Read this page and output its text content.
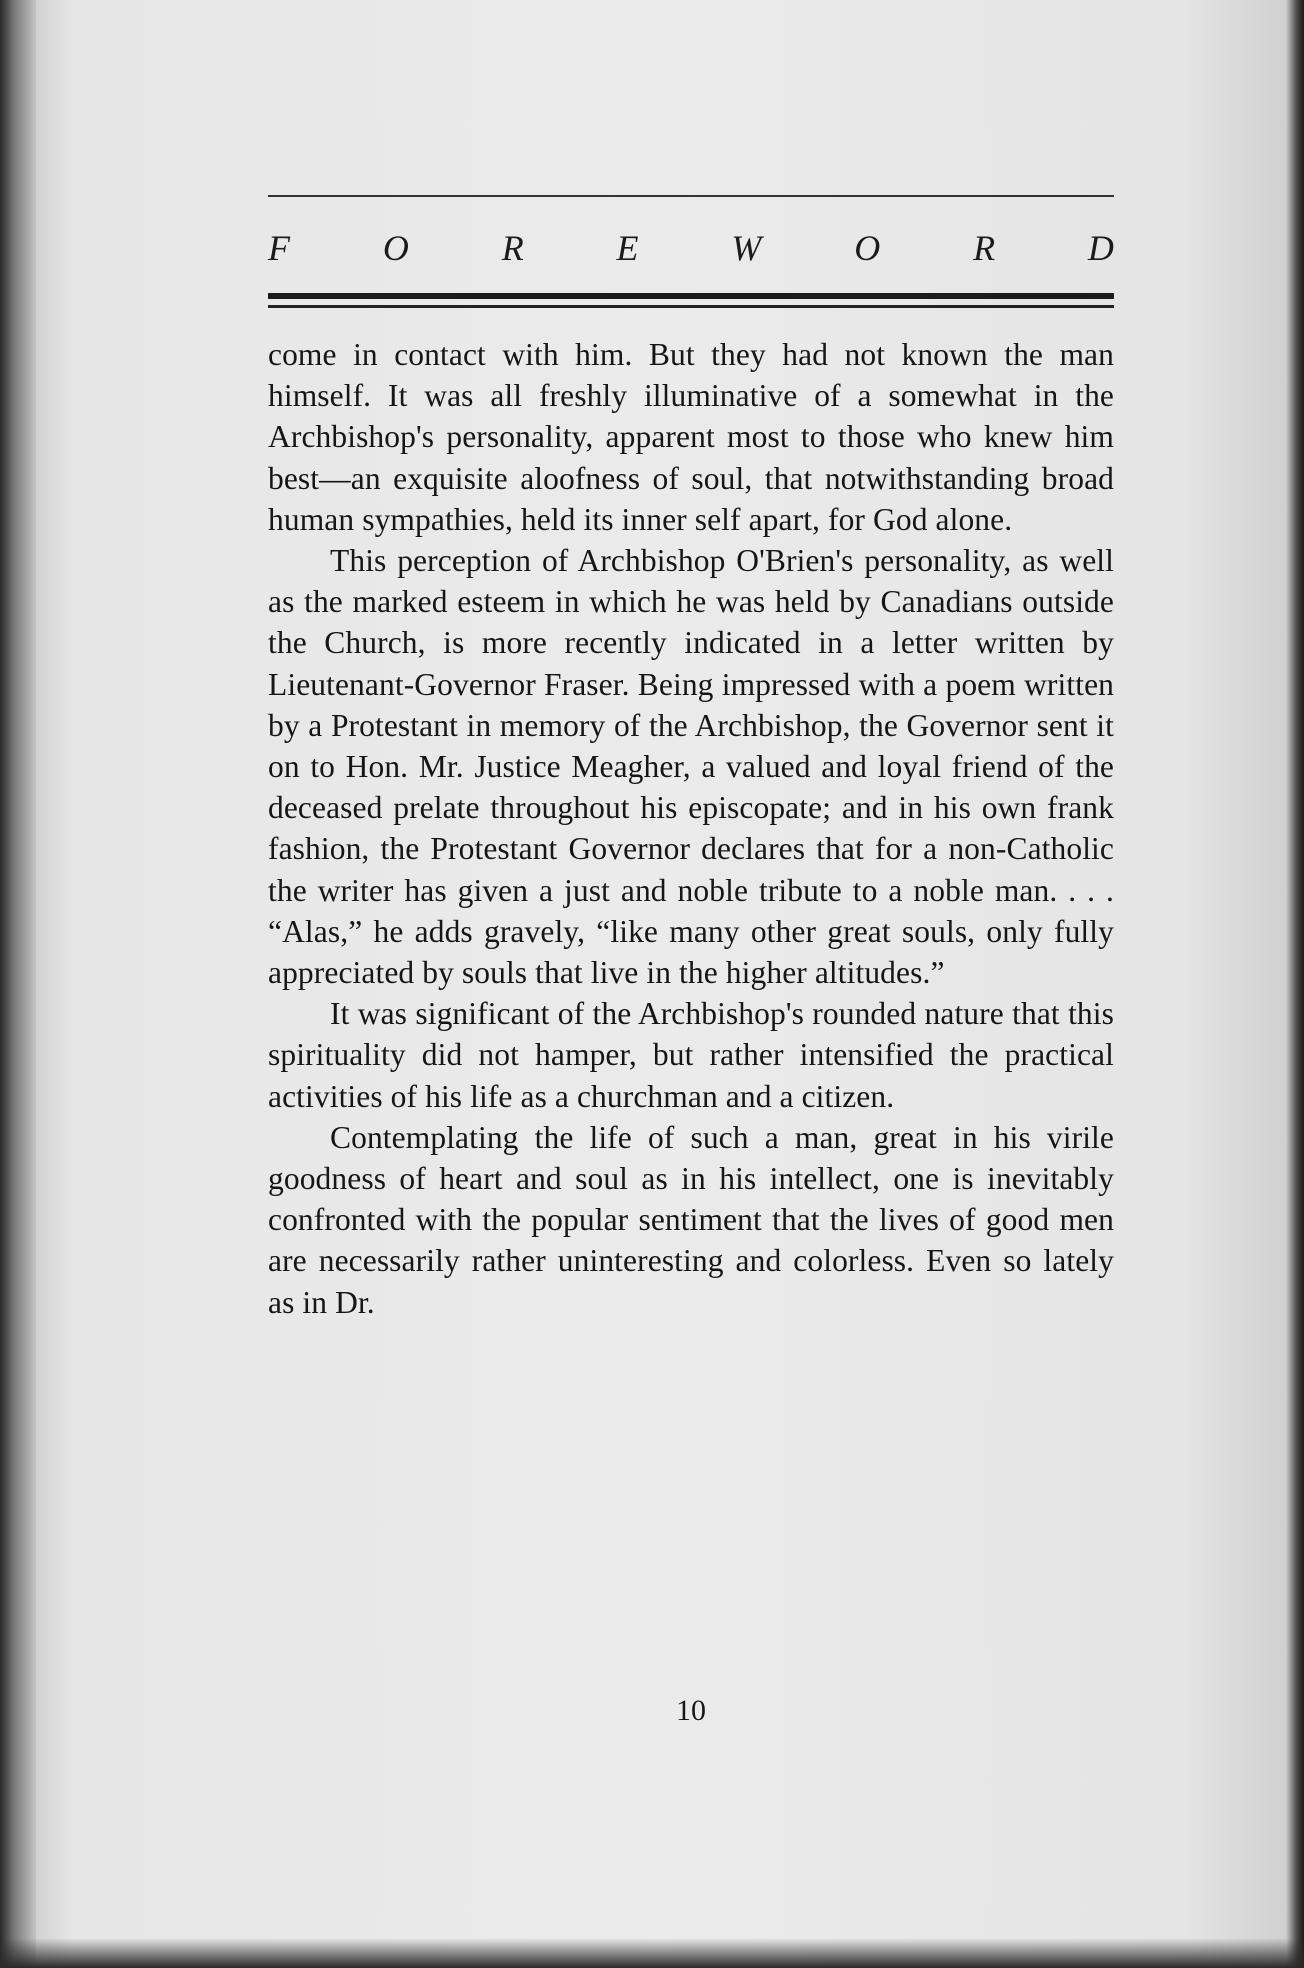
F	O	R	E	W	O	R	D

come in contact with him. But they had not known the man himself. It was all freshly illuminative of a somewhat in the Archbishop's personality, apparent most to those who knew him best—an exquisite aloofness of soul, that notwithstanding broad human sympathies, held its inner self apart, for God alone.

This perception of Archbishop O'Brien's personality, as well as the marked esteem in which he was held by Canadians outside the Church, is more recently indicated in a letter written by Lieutenant-Governor Fraser. Being impressed with a poem written by a Protestant in memory of the Archbishop, the Governor sent it on to Hon. Mr. Justice Meagher, a valued and loyal friend of the deceased prelate throughout his episcopate; and in his own frank fashion, the Protestant Governor declares that for a non-Catholic the writer has given a just and noble tribute to a noble man. . . . “Alas,” he adds gravely, “like many other great souls, only fully appreciated by souls that live in the higher altitudes.”

It was significant of the Archbishop's rounded nature that this spirituality did not hamper, but rather intensified the practical activities of his life as a churchman and a citizen.

Contemplating the life of such a man, great in his virile goodness of heart and soul as in his intellect, one is inevitably confronted with the popular sentiment that the lives of good men are necessarily rather uninteresting and colorless. Even so lately as in Dr.

10
